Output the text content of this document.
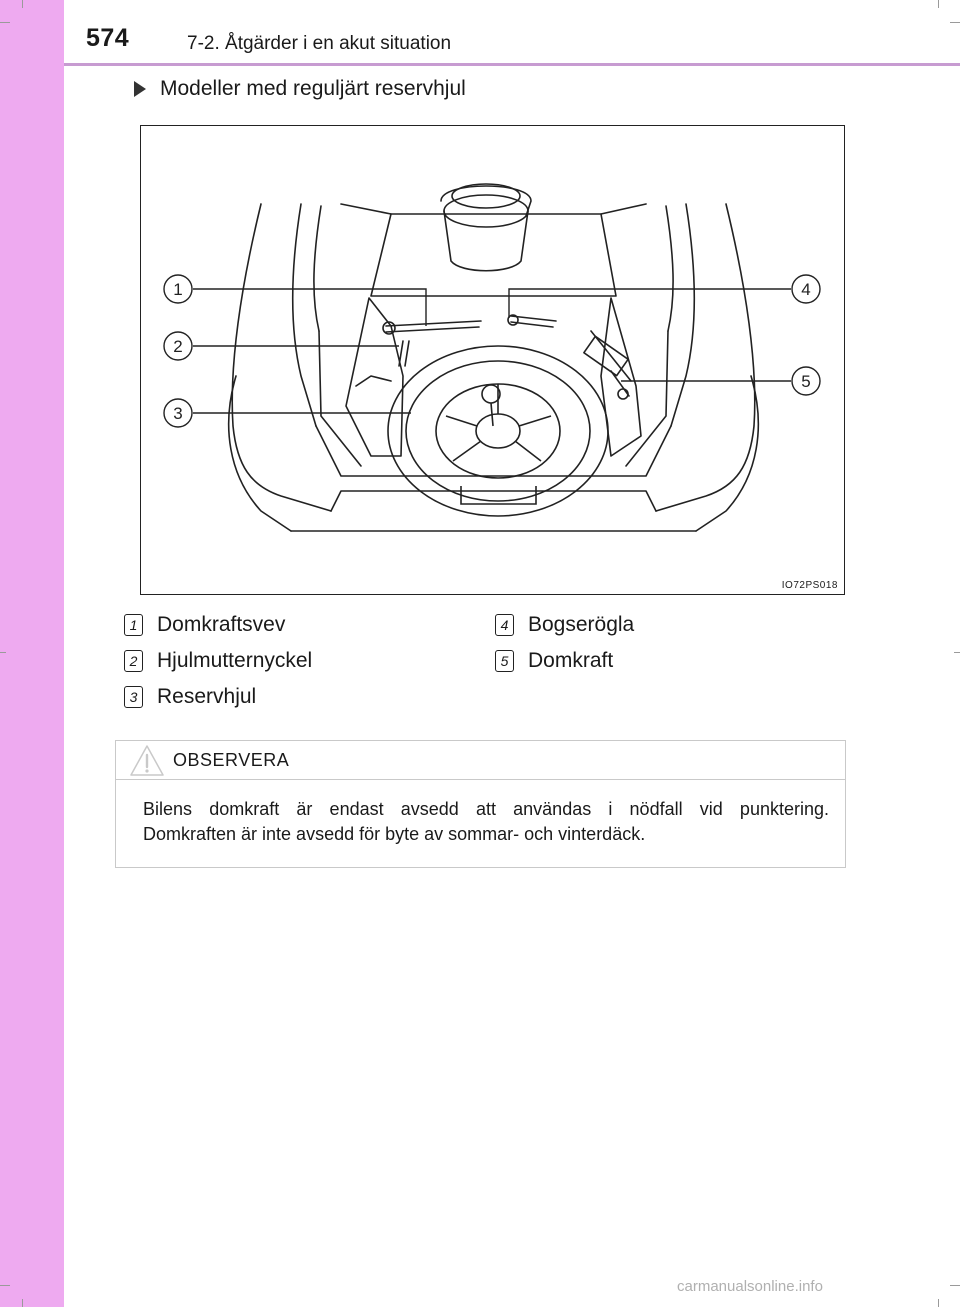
574	7-2. Åtgärder i en akut situation
Modeller med reguljärt reservhjul
1
2
3
4
5
IO72PS018
1 Domkraftsvev
2 Hjulmutternyckel
3 Reservhjul
4 Bogserögla
5 Domkraft
OBSERVERA
Bilens domkraft är endast avsedd att användas i nödfall vid punktering.
Domkraften är inte avsedd för byte av sommar- och vinterdäck.
carmanualsonline.info
